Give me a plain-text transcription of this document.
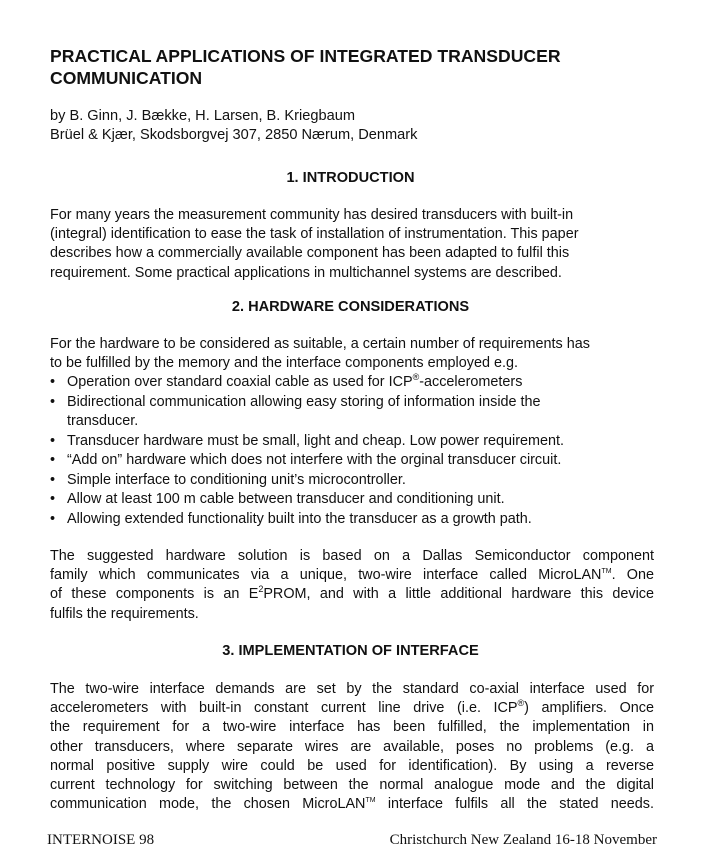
PRACTICAL APPLICATIONS OF INTEGRATED TRANSDUCER
COMMUNICATION
by B. Ginn, J. Bække, H. Larsen, B. Kriegbaum
Brüel & Kjær, Skodsborgvej 307, 2850 Nærum, Denmark
1. INTRODUCTION
For many years the measurement community has desired transducers with built-in
(integral) identification to ease the task of installation of instrumentation. This paper
describes how a commercially available component has been adapted to fulfil this
requirement. Some practical applications in multichannel systems are described.
2. HARDWARE CONSIDERATIONS
For the hardware to be considered as suitable, a certain number of requirements has
to be fulfilled by the memory and the interface components employed e.g.
• Operation over standard coaxial cable as used for ICP®-accelerometers
• Bidirectional communication allowing easy storing of information inside the transducer.
• Transducer hardware must be small, light and cheap. Low power requirement.
• “Add on” hardware which does not interfere with the orginal transducer circuit.
• Simple interface to conditioning unit’s microcontroller.
• Allow at least 100 m cable between transducer and conditioning unit.
• Allowing extended functionality built into the transducer as a growth path.
The suggested hardware solution is based on a Dallas Semiconductor component
family which communicates via a unique, two-wire interface called MicroLAN™. One
of these components is an $E^2PROM$, and with a little additional hardware this device
fulfils the requirements.
3. IMPLEMENTATION OF INTERFACE
The two-wire interface demands are set by the standard co-axial interface used for
accelerometers with built-in constant current line drive (i.e. ICP®) amplifiers. Once
the requirement for a two-wire interface has been fulfilled, the implementation in
other transducers, where separate wires are available, poses no problems (e.g. a
normal positive supply wire could be used for identification). By using a reverse
current technology for switching between the normal analogue mode and the digital
communication mode, the chosen MicroLAN™ interface fulfils all the stated needs.
INTERNOISE 98	Christchurch New Zealand 16-18 November
